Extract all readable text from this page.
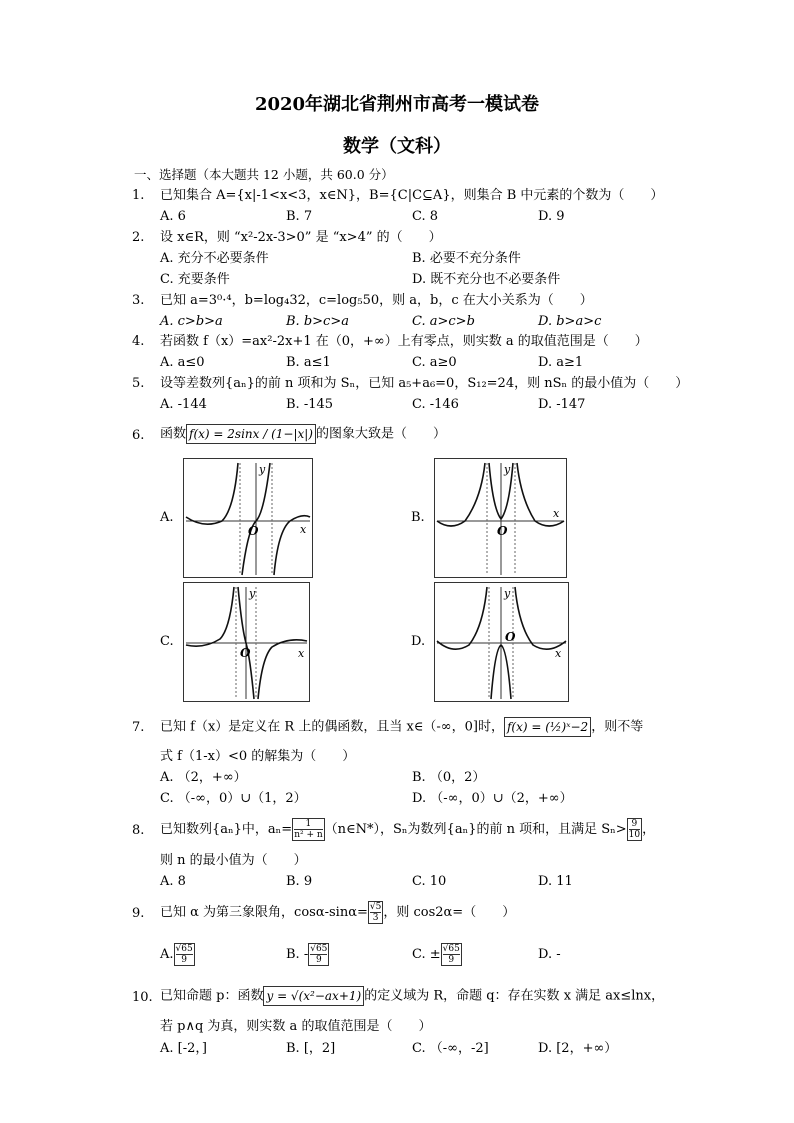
2020年湖北省荆州市高考一模试卷
数学（文科）
一、选择题（本大题共 12 小题，共 60.0 分）
1.	已知集合 A={x|-1<x<3，x∈N}，B={C|C⊆A}，则集合 B 中元素的个数为（　　）
A. 6	B. 7	C. 8	D. 9
2.	设 x∈R，则 “x²-2x-3>0” 是 “x>4” 的（　　）
A. 充分不必要条件	B. 必要不充分条件
C. 充要条件	D. 既不充分也不必要条件
3.	已知 a=3⁰·⁴，b=log₄32，c=log₅50，则 a，b，c 在大小关系为（　　）
A. c>b>a	B. b>c>a	C. a>c>b	D. b>a>c
4.	若函数 f（x）=ax²-2x+1 在（0，+∞）上有零点，则实数 a 的取值范围是（　　）
A. a≤0	B. a≤1	C. a≥0	D. a≥1
5.	设等差数列{aₙ}的前 n 项和为 Sₙ，已知 a₅+a₆=0，S₁₂=24，则 nSₙ 的最小值为（　　）
A. -144	B. -145	C. -146	D. -147
6.	函数 f(x) = 2sinx / (1−|x|) 的图象大致是（　　）
A.
O	x
y
B.
O
x
y
C.
O	x
y
D.	O
x
y
7.	已知 f（x）是定义在 R 上的偶函数，且当 x∈（-∞，0]时， f(x) = (½)ˣ−2 ，则不等
式 f（1-x）<0 的解集为（　　）
A. （2，+∞）	B. （0，2）
C. （-∞，0）∪（1，2）	D. （-∞，0）∪（2，+∞）
8.	已知数列{aₙ}中，$a_n= \frac{1}{\text{n² + n}}$ （n∈N*），Sₙ为数列{aₙ}的前 n 项和，且满足 $S_n> \frac{9}{10}$ ，
则 n 的最小值为（　　）
A. 8	B. 9	C. 10	D. 11
9.	已知 α 为第三象限角，$\cos\alpha-\sin\alpha= \frac{√5}{3}$ ，则 cos2α=（　　）
A. $\frac{√65}{9}$	B. - $\frac{√65}{9}$	C. ± $\frac{√65}{9}$	D. -
10. 已知命题 p：函数 y = √(x²−ax+1) 的定义域为 R，命题 q：存在实数 x 满足 ax≤lnx，
若 p∧q 为真，则实数 a 的取值范围是（　　）
A. [-2，]	B. [，2]	C. （-∞，-2]	D. [2，+∞）
